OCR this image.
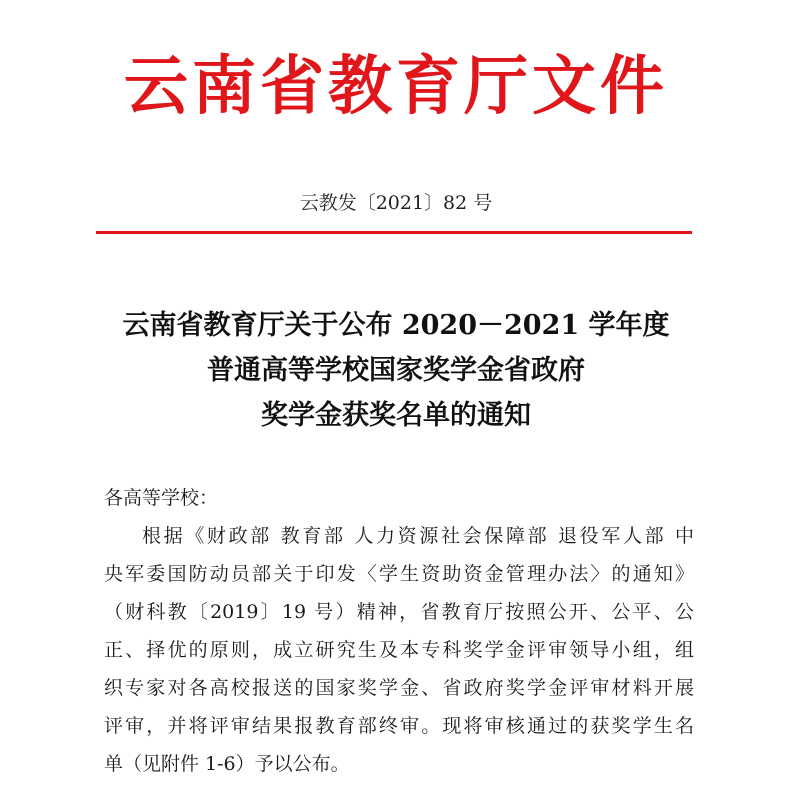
云南省教育厅文件
云教发〔2021〕82 号
云南省教育厅关于公布 2020－2021 学年度
普通高等学校国家奖学金省政府
奖学金获奖名单的通知
各高等学校：
根据《财政部 教育部 人力资源社会保障部 退役军人部 中
央军委国防动员部关于印发〈学生资助资金管理办法〉的通知》
（财科教〔2019〕19 号）精神，省教育厅按照公开、公平、公
正、择优的原则，成立研究生及本专科奖学金评审领导小组，组
织专家对各高校报送的国家奖学金、省政府奖学金评审材料开展
评审，并将评审结果报教育部终审。现将审核通过的获奖学生名
单（见附件 1-6）予以公布。
